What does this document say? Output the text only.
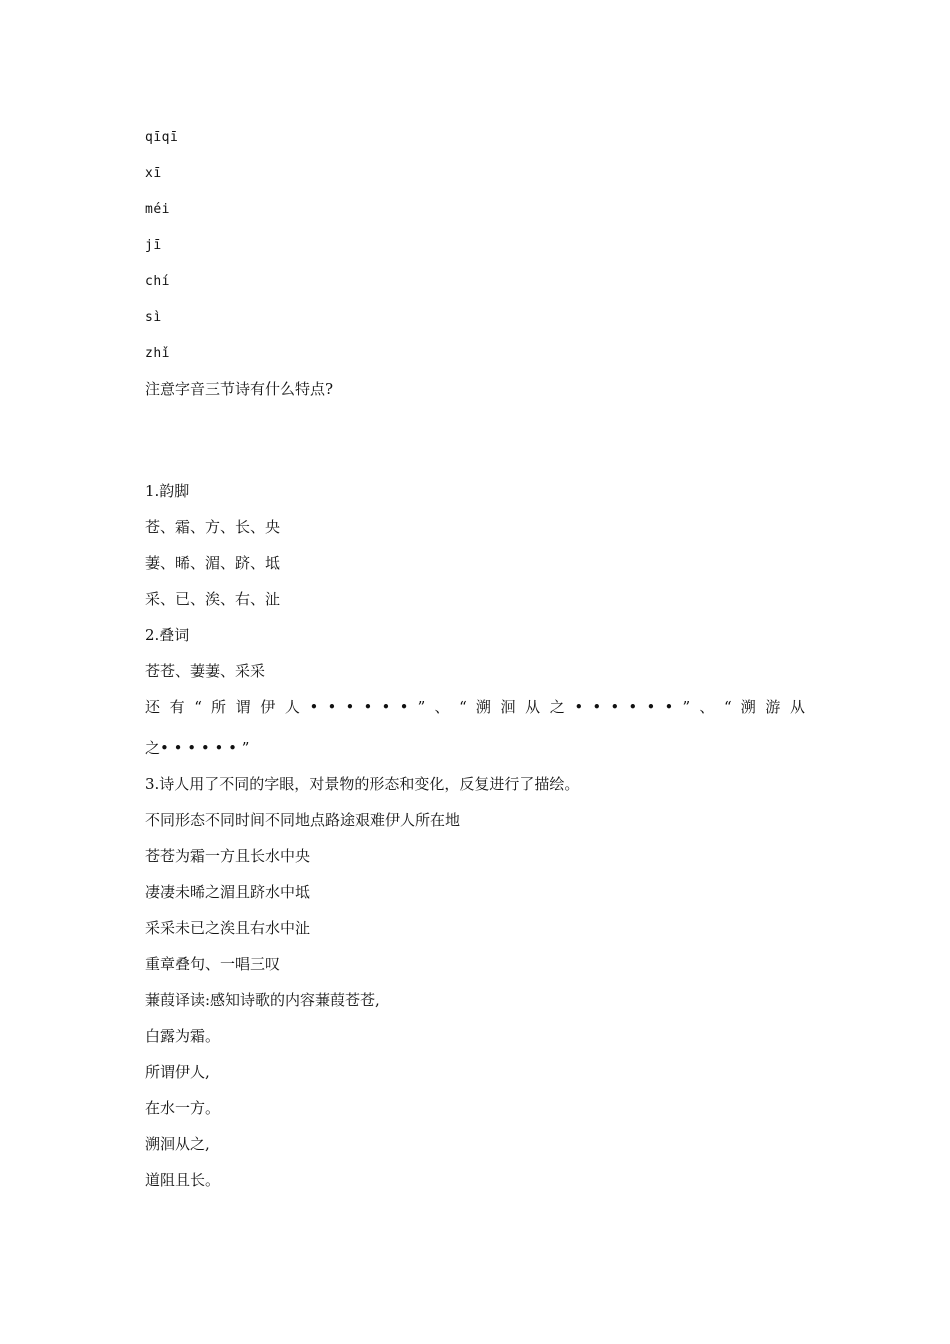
qīqī
xī
méi
jī
chí
sì
zhǐ
注意字音三节诗有什么特点?
1.韵脚
苍、霜、方、长、央
萋、晞、湄、跻、坻
采、已、涘、右、沚
2.叠词
苍苍、萋萋、采采
还 有 “ 所 谓 伊 人 • • • • • • ” 、 “ 溯 洄 从 之 • • • • • • ” 、 “ 溯 游 从
之• • • • • • ”
3.诗人用了不同的字眼，对景物的形态和变化，反复进行了描绘。
不同形态不同时间不同地点路途艰难伊人所在地
苍苍为霜一方且长水中央
凄凄未晞之湄且跻水中坻
采采未已之涘且右水中沚
重章叠句、一唱三叹
蒹葭译读:感知诗歌的内容蒹葭苍苍,
白露为霜。
所谓伊人,
在水一方。
溯洄从之,
道阻且长。
